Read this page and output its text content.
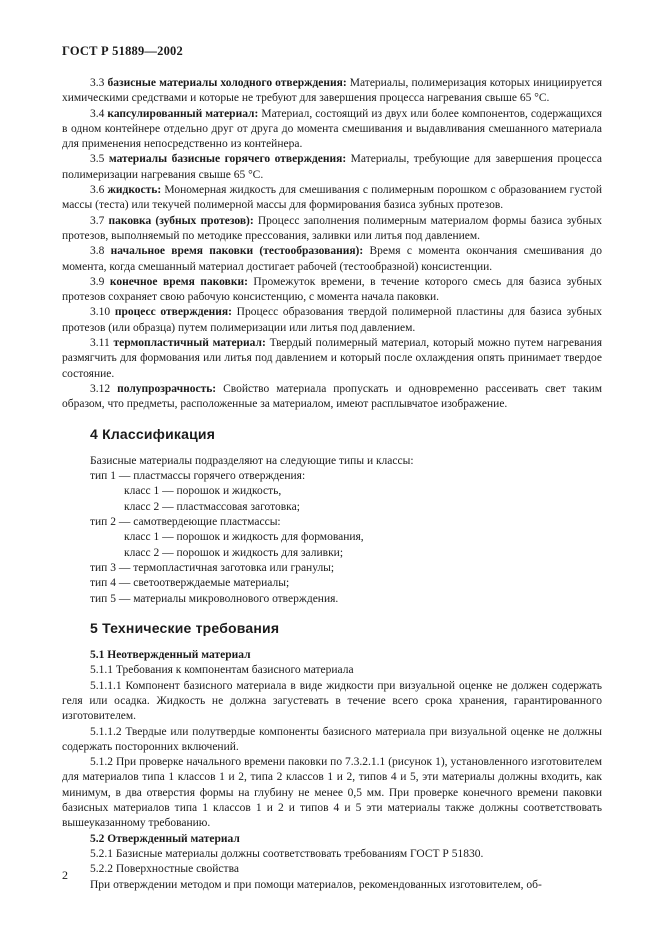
ГОСТ Р 51889—2002

3.3 базисные материалы холодного отверждения: Материалы, полимеризация которых инициируется химическими средствами и которые не требуют для завершения процесса нагревания свыше 65 °С.

3.4 капсулированный материал: Материал, состоящий из двух или более компонентов, содержащихся в одном контейнере отдельно друг от друга до момента смешивания и выдавливания смешанного материала для применения непосредственно из контейнера.

3.5 материалы базисные горячего отверждения: Материалы, требующие для завершения процесса полимеризации нагревания свыше 65 °С.

3.6 жидкость: Мономерная жидкость для смешивания с полимерным порошком с образованием густой массы (теста) или текучей полимерной массы для формирования базиса зубных протезов.

3.7 паковка (зубных протезов): Процесс заполнения полимерным материалом формы базиса зубных протезов, выполняемый по методике прессования, заливки или литья под давлением.

3.8 начальное время паковки (тестообразования): Время с момента окончания смешивания до момента, когда смешанный материал достигает рабочей (тестообразной) консистенции.

3.9 конечное время паковки: Промежуток времени, в течение которого смесь для базиса зубных протезов сохраняет свою рабочую консистенцию, с момента начала паковки.

3.10 процесс отверждения: Процесс образования твердой полимерной пластины для базиса зубных протезов (или образца) путем полимеризации или литья под давлением.

3.11 термопластичный материал: Твердый полимерный материал, который можно путем нагревания размягчить для формования или литья под давлением и который после охлаждения опять принимает твердое состояние.

3.12 полупрозрачность: Свойство материала пропускать и одновременно рассеивать свет таким образом, что предметы, расположенные за материалом, имеют расплывчатое изображение.

4 Классификация

Базисные материалы подразделяют на следующие типы и классы:

тип 1 — пластмассы горячего отверждения:

класс 1 — порошок и жидкость,

класс 2 — пластмассовая заготовка;

тип 2 — самотвердеющие пластмассы:

класс 1 — порошок и жидкость для формования,

класс 2 — порошок и жидкость для заливки;

тип 3 — термопластичная заготовка или гранулы;

тип 4 — светоотверждаемые материалы;

тип 5 — материалы микроволнового отверждения.

5 Технические требования

5.1 Неотвержденный материал

5.1.1 Требования к компонентам базисного материала

5.1.1.1 Компонент базисного материала в виде жидкости при визуальной оценке не должен содержать геля или осадка. Жидкость не должна загустевать в течение всего срока хранения, гарантированного изготовителем.

5.1.1.2 Твердые или полутвердые компоненты базисного материала при визуальной оценке не должны содержать посторонних включений.

5.1.2 При проверке начального времени паковки по 7.3.2.1.1 (рисунок 1), установленного изготовителем для материалов типа 1 классов 1 и 2, типа 2 классов 1 и 2, типов 4 и 5, эти материалы должны входить, как минимум, в два отверстия формы на глубину не менее 0,5 мм. При проверке конечного времени паковки базисных материалов типа 1 классов 1 и 2 и типов 4 и 5 эти материалы также должны соответствовать вышеуказанному требованию.

5.2 Отвержденный материал

5.2.1 Базисные материалы должны соответствовать требованиям ГОСТ Р 51830.

5.2.2 Поверхностные свойства

При отверждении методом и при помощи материалов, рекомендованных изготовителем, об-

2
